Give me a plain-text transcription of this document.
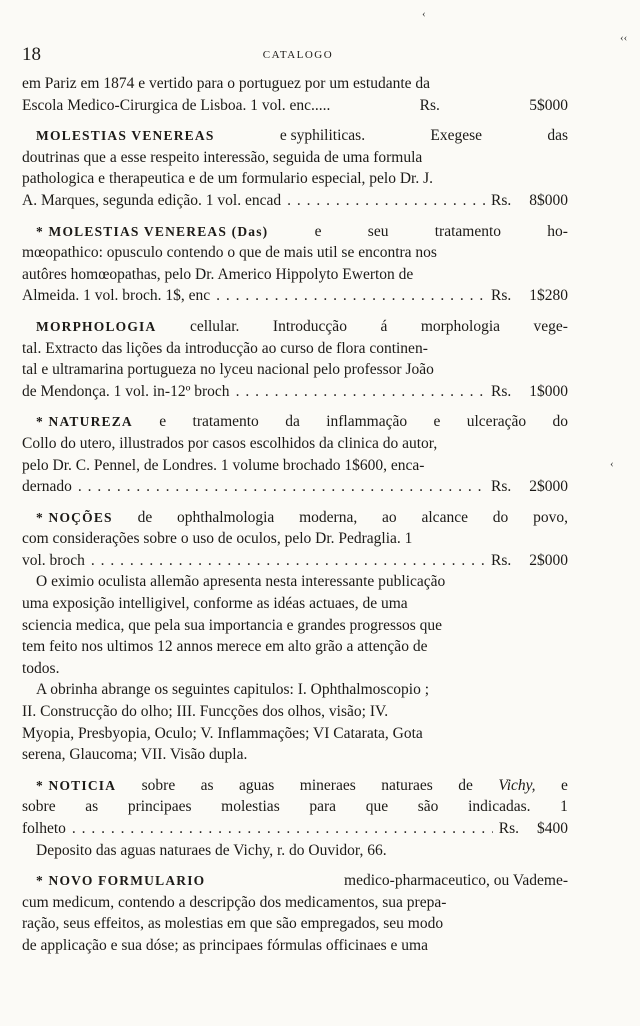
‹
‹‹
‹
18	CATALOGO
em Pariz em 1874 e vertido para o portuguez por um estudante da
Escola Medico-Cirurgica de Lisboa. 1 vol. enc.....	Rs.	5$000
MOLESTIAS VENEREAS	e syphiliticas.	Exegese	das
doutrinas que a esse respeito interessão, seguida de uma formula
pathologica e therapeutica e de um formulario especial, pelo Dr. J.
A. Marques, segunda edição. 1 vol. encad . . .	Rs. 8$000
* MOLESTIAS VENEREAS (Das)	e	seu	tratamento	ho-
mœopathico: opusculo contendo o que de mais util se encontra nos
autôres homœopathas, pelo Dr. Americo Hippolyto Ewerton de
Almeida. 1 vol. broch. 1$, enc . . .	Rs. 1$280
MORPHOLOGIA cellular. Introducção á morphologia vege-
tal. Extracto das lições da introducção ao curso de flora continen-
tal e ultramarina portugueza no lyceu nacional pelo professor João
de Mendonça. 1 vol. in-12º broch . . .	Rs. 1$000
* NATUREZA e tratamento da inflammação e ulceração do
Collo do utero, illustrados por casos escolhidos da clinica do autor,
pelo Dr. C. Pennel, de Londres. 1 volume brochado 1$600, enca-
dernado . . .	Rs. 2$000
* NOÇÕES de ophthalmologia moderna, ao alcance do povo,
com considerações sobre o uso de oculos, pelo Dr. Pedraglia. 1
vol. broch . . .	Rs. 2$000
O eximio oculista allemão apresenta nesta interessante publicação
uma exposição intelligivel, conforme as idéas actuaes, de uma
sciencia medica, que pela sua importancia e grandes progressos que
tem feito nos ultimos 12 annos merece em alto grão a attenção de
todos.
A obrinha abrange os seguintes capitulos: I. Ophthalmoscopio ;
II. Construcção do olho; III. Funcções dos olhos, visão; IV.
Myopia, Presbyopia, Oculo; V. Inflammações; VI Catarata, Gota
serena, Glaucoma; VII. Visão dupla.
* NOTICIA sobre as aguas mineraes naturaes de Vichy, e
sobre as principaes molestias para que são indicadas. 1
folheto . . .	Rs. $400
Deposito das aguas naturaes de Vichy, r. do Ouvidor, 66.
* NOVO FORMULARIO	medico-pharmaceutico, ou Vademe-
cum medicum, contendo a descripção dos medicamentos, sua prepa-
ração, seus effeitos, as molestias em que são empregados, seu modo
de applicação e sua dóse; as principaes fórmulas officinaes e uma
